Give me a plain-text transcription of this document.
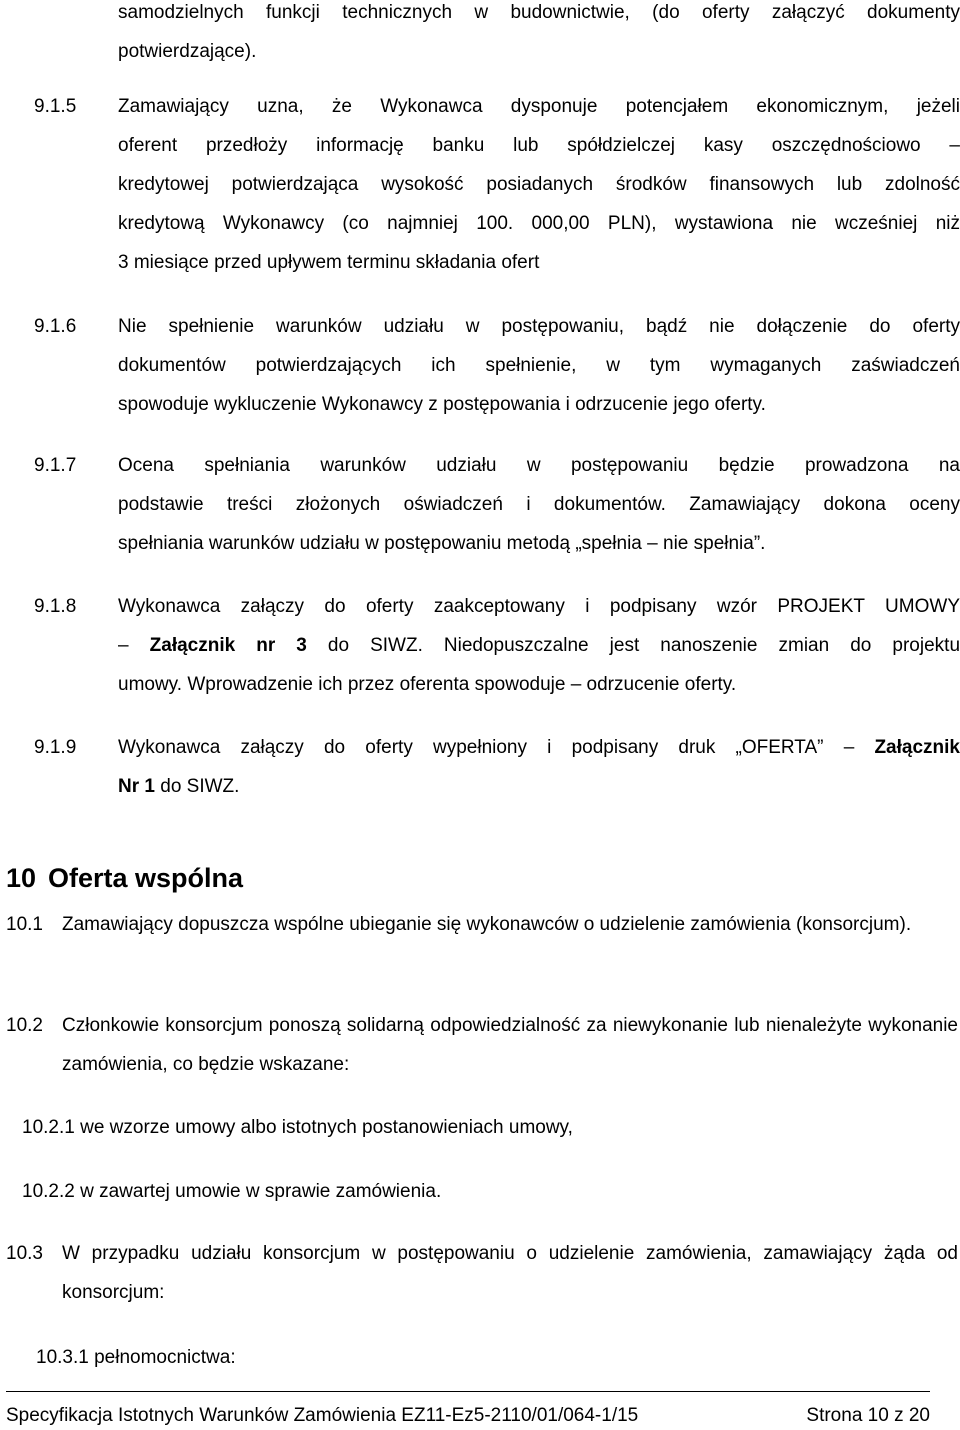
samodzielnych funkcji technicznych w budownictwie, (do oferty załączyć dokumenty
potwierdzające).
9.1.5 Zamawiający uzna, że Wykonawca dysponuje potencjałem ekonomicznym, jeżeli
oferent przedłoży informację banku lub spółdzielczej kasy oszczędnościowo –
kredytowej potwierdzająca wysokość posiadanych środków finansowych lub zdolność
kredytową Wykonawcy (co najmniej 100. 000,00 PLN), wystawiona nie wcześniej niż
3 miesiące przed upływem terminu składania ofert
9.1.6 Nie spełnienie warunków udziału w postępowaniu, bądź nie dołączenie do oferty
dokumentów potwierdzających ich spełnienie, w tym wymaganych zaświadczeń
spowoduje wykluczenie Wykonawcy z postępowania i odrzucenie jego oferty.
9.1.7 Ocena spełniania warunków udziału w postępowaniu będzie prowadzona na
podstawie treści złożonych oświadczeń i dokumentów. Zamawiający dokona oceny
spełniania warunków udziału w postępowaniu metodą „spełnia – nie spełnia”.
9.1.8 Wykonawca załączy do oferty zaakceptowany i podpisany wzór PROJEKT UMOWY
– Załącznik nr 3 do SIWZ. Niedopuszczalne jest nanoszenie zmian do projektu
umowy. Wprowadzenie ich przez oferenta spowoduje – odrzucenie oferty.
9.1.9 Wykonawca załączy do oferty wypełniony i podpisany druk „OFERTA” – Załącznik
Nr 1 do SIWZ.
10 Oferta wspólna
10.1 Zamawiający dopuszcza wspólne ubieganie się wykonawców o udzielenie zamówienia (konsorcjum).
10.2 Członkowie konsorcjum ponoszą solidarną odpowiedzialność za niewykonanie lub nienależyte wykonanie zamówienia, co będzie wskazane:
10.2.1 we wzorze umowy albo istotnych postanowieniach umowy,
10.2.2 w zawartej umowie w sprawie zamówienia.
10.3 W przypadku udziału konsorcjum w postępowaniu o udzielenie zamówienia, zamawiający żąda od konsorcjum:
10.3.1 pełnomocnictwa:
Specyfikacja Istotnych Warunków Zamówienia EZ11-Ez5-2110/01/064-1/15	Strona 10 z 20
